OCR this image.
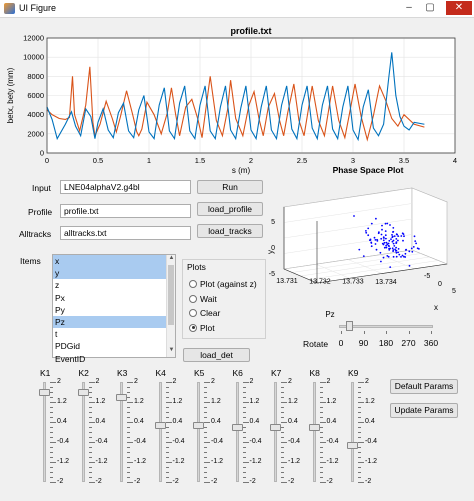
UI Figure	–	▢	✕
0	0.5	1	1.5	2	2.5	3	3.5	4
12000
10000
8000
6000
4000
2000
0
profile.txt
s (m)
betx, bety (mm)
Phase Space Plot
13.731 13.732 13.733 13.734
5
0
-5	-5
0
5
Pz
y
x
Input	LNE04alphaV2.g4bl	Run
Profile	profile.txt	load_profile
Alltracks	alltracks.txt	load_tracks
Items x
y
z
Px
Py
Pz
t
PDGid
EventID
▲
▼
Plots
Plot (against z)
Wait
Clear
Plot
load_det
Rotate	0	90	180 270 360
K1
2
1.2
0.4
-0.4
-1.2
-2
K2
2
1.2
0.4
-0.4
-1.2
-2
K3
2
1.2
0.4
-0.4
-1.2
-2
K4
2
1.2
0.4
-0.4
-1.2
-2
K5
2
1.2
0.4
-0.4
-1.2
-2
K6
2
1.2
0.4
-0.4
-1.2
-2
K7
2
1.2
0.4
-0.4
-1.2
-2
K8
2
1.2
0.4
-0.4
-1.2
-2
K9
2
1.2
0.4
-0.4
-1.2
-2
Default Params
Update Params
